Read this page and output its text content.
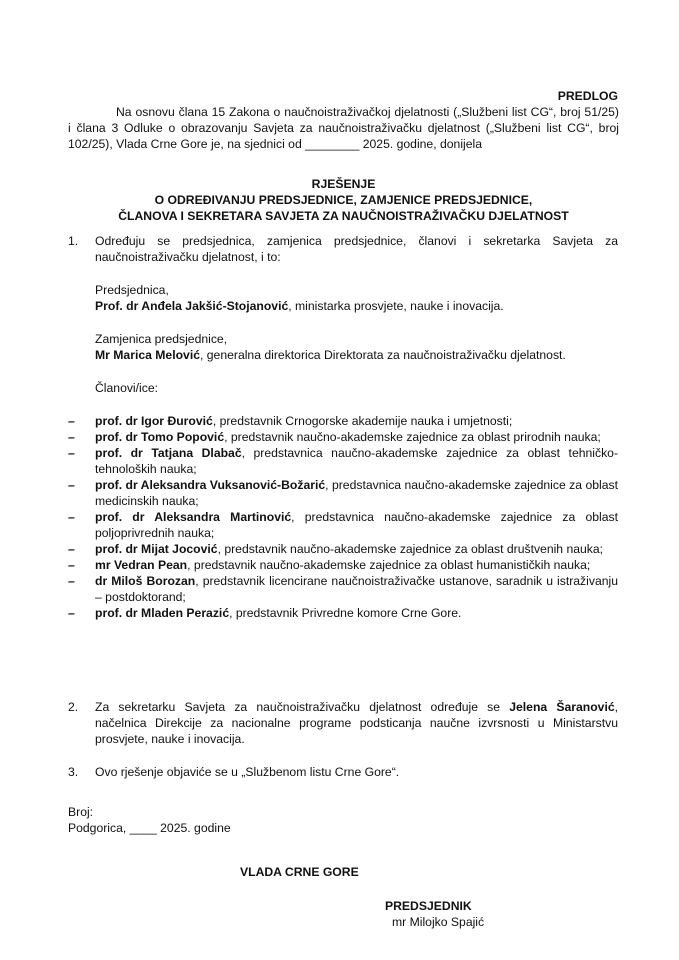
PREDLOG
Na osnovu člana 15 Zakona o naučnoistraživačkoj djelatnosti („Službeni list CG“, broj 51/25) i člana 3 Odluke o obrazovanju Savjeta za naučnoistraživačku djelatnost („Službeni list CG“, broj 102/25), Vlada Crne Gore je, na sjednici od ________ 2025. godine, donijela
RJEŠENJE
O ODREĐIVANJU PREDSJEDNICE, ZAMJENICE PREDSJEDNICE,
ČLANOVA I SEKRETARA SAVJETA ZA NAUČNOISTRAŽIVAČKU DJELATNOST
1. Određuju se predsjednica, zamjenica predsjednice, članovi i sekretarka Savjeta za naučnoistraživačku djelatnost, i to:
Predsjednica,
Prof. dr Anđela Jakšić-Stojanović, ministarka prosvjete, nauke i inovacija.
Zamjenica predsjednice,
Mr Marica Melović, generalna direktorica Direktorata za naučnoistraživačku djelatnost.
Članovi/ice:
– prof. dr Igor Đurović, predstavnik Crnogorske akademije nauka i umjetnosti;
– prof. dr Tomo Popović, predstavnik naučno-akademske zajednice za oblast prirodnih nauka;
– prof. dr Tatjana Dlabač, predstavnica naučno-akademske zajednice za oblast tehničko-tehnoloških nauka;
– prof. dr Aleksandra Vuksanović-Božarić, predstavnica naučno-akademske zajednice za oblast medicinskih nauka;
– prof. dr Aleksandra Martinović, predstavnica naučno-akademske zajednice za oblast poljoprivrednih nauka;
– prof. dr Mijat Jocović, predstavnik naučno-akademske zajednice za oblast društvenih nauka;
– mr Vedran Pean, predstavnik naučno-akademske zajednice za oblast humanističkih nauka;
– dr Miloš Borozan, predstavnik licencirane naučnoistraživačke ustanove, saradnik u istraživanju – postdoktorand;
– prof. dr Mladen Perazić, predstavnik Privredne komore Crne Gore.
2. Za sekretarku Savjeta za naučnoistraživačku djelatnost određuje se Jelena Šaranović, načelnica Direkcije za nacionalne programe podsticanja naučne izvrsnosti u Ministarstvu prosvjete, nauke i inovacija.
3. Ovo rješenje objaviće se u „Službenom listu Crne Gore“.
Broj:
Podgorica, ____ 2025. godine
VLADA CRNE GORE
PREDSJEDNIK
mr Milojko Spajić
